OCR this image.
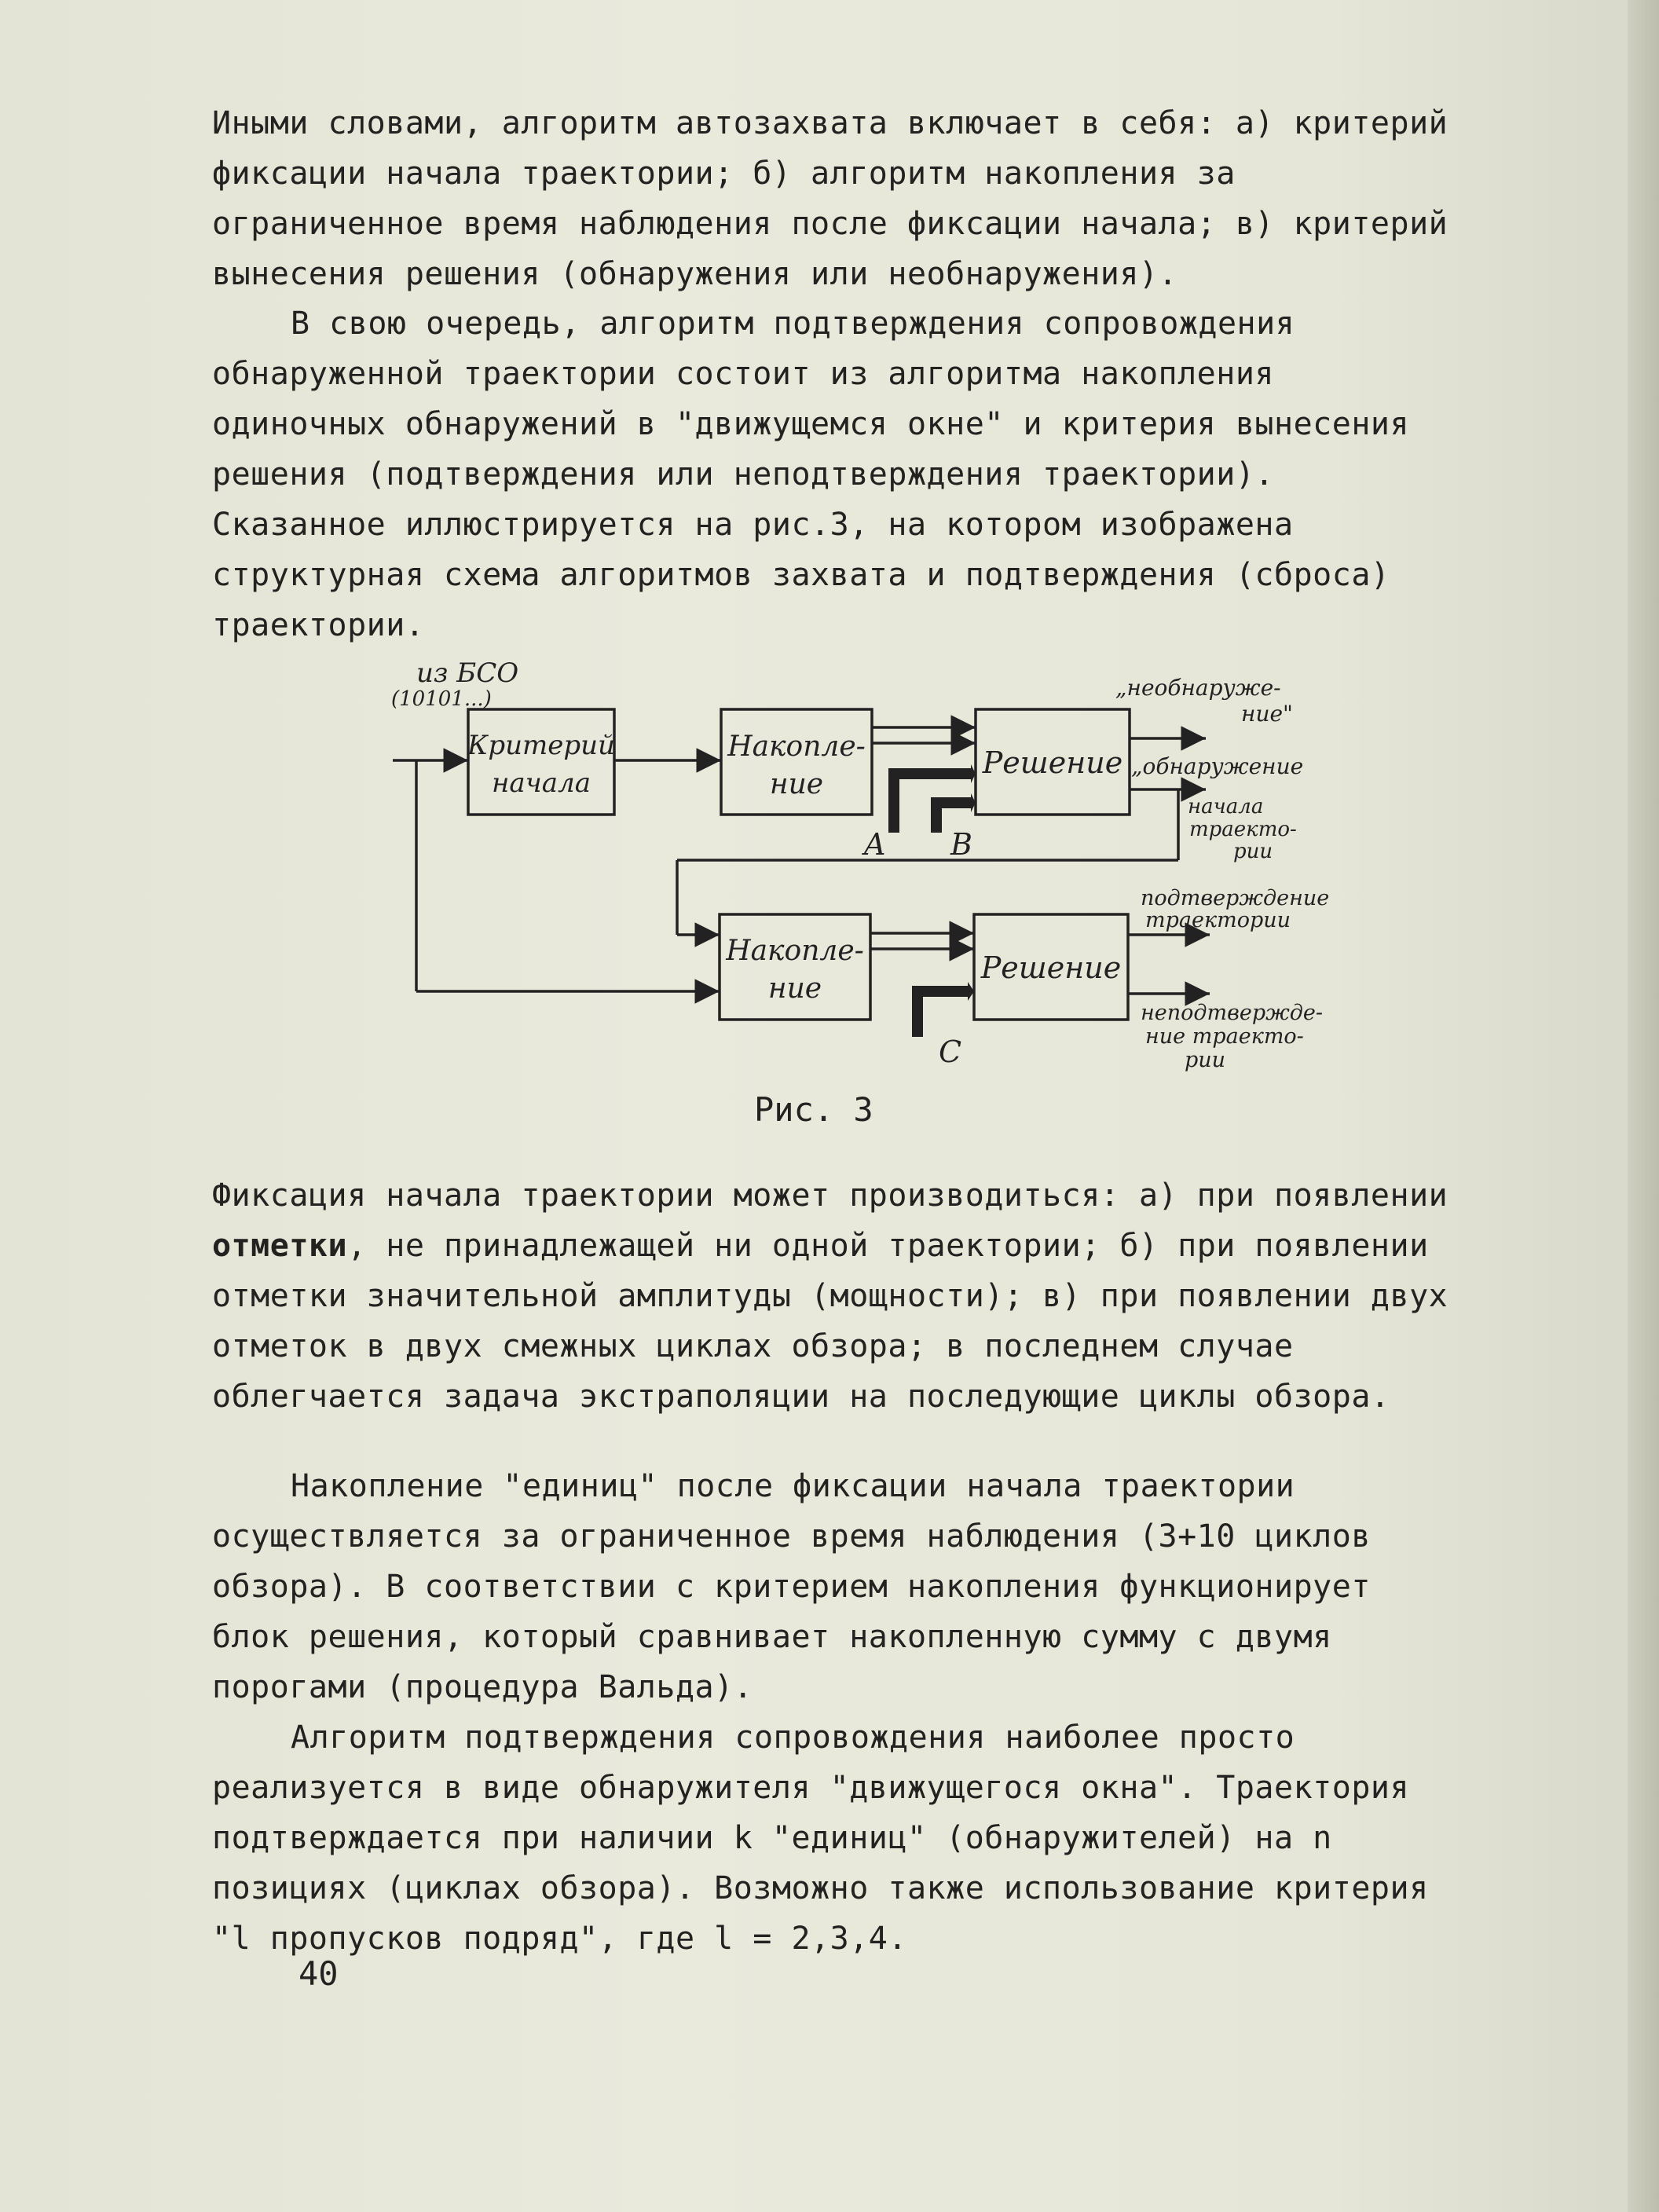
Иными словами, алгоритм автозахвата включает в себя: а) критерий фиксации начала траектории; б) алгоритм накопления за ограниченное время наблюдения после фиксации начала; в) критерий вынесения решения (обнаружения или необнаружения).

В свою очередь, алгоритм подтверждения сопровождения обнаруженной траектории состоит из алгоритма накопления одиночных обнаружений в "движущемся окне" и критерия вынесения решения (подтверждения или неподтверждения траектории). Сказанное иллюстрируется на рис.3, на котором изображена структурная схема алгоритмов захвата и подтверждения (сброса) траектории.

из БСО
(10101...)
Критерий
начала
Накопле-
ние
Решение
Накопле-
ние
Решение
„необнаруже-
ние"
„обнаружение
начала
траекто-
рии
подтверждение
траектории
неподтвержде-
ние траекто-
рии
A B
C
Рис. 3

Фиксация начала траектории может производиться: а) при появлении отметки, не принадлежащей ни одной траектории; б) при появлении отметки значительной амплитуды (мощности); в) при появлении двух отметок в двух смежных циклах обзора; в последнем случае облегчается задача экстраполяции на последующие циклы обзора.

Накопление "единиц" после фиксации начала траектории осуществляется за ограниченное время наблюдения (3+10 циклов обзора). В соответствии с критерием накопления функционирует блок решения, который сравнивает накопленную сумму с двумя порогами (процедура Вальда).

Алгоритм подтверждения сопровождения наиболее просто реализуется в виде обнаружителя "движущегося окна". Траектория подтверждается при наличии k "единиц" (обнаружителей) на n позициях (циклах обзора). Возможно также использование критерия "l пропусков подряд", где l = 2,3,4.

40
